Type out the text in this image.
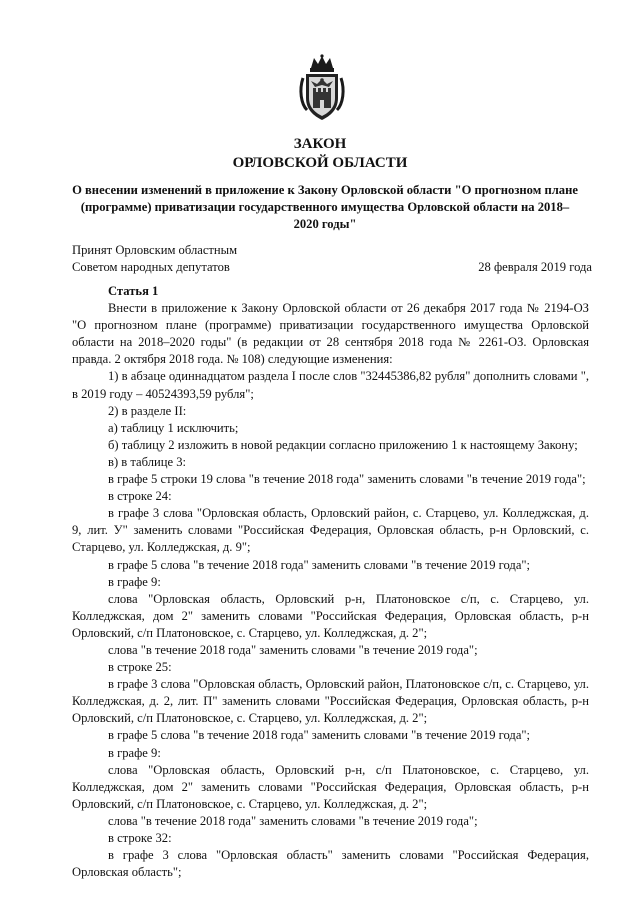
ЗАКОН
ОРЛОВСКОЙ ОБЛАСТИ
О внесении изменений в приложение к Закону Орловской области "О прогнозном плане (программе) приватизации государственного имущества Орловской области на 2018–2020 годы"
Принят Орловским областным
Советом народных депутатов	28 февраля 2019 года

Статья 1

Внести в приложение к Закону Орловской области от 26 декабря 2017 года № 2194-ОЗ "О прогнозном плане (программе) приватизации государственного имущества Орловской области на 2018–2020 годы" (в редакции от 28 сентября 2018 года № 2261-ОЗ. Орловская правда. 2 октября 2018 года. № 108) следующие изменения:

1) в абзаце одиннадцатом раздела I после слов "32445386,82 рубля" дополнить словами ", в 2019 году – 40524393,59 рубля";

2) в разделе II:

а) таблицу 1 исключить;

б) таблицу 2 изложить в новой редакции согласно приложению 1 к настоящему Закону;

в) в таблице 3:

в графе 5 строки 19 слова "в течение 2018 года" заменить словами "в течение 2019 года";

в строке 24:

в графе 3 слова "Орловская область, Орловский район, с. Старцево, ул. Колледжская, д. 9, лит. У" заменить словами "Российская Федерация, Орловская область, р-н Орловский, с. Старцево, ул. Колледжская, д. 9";

в графе 5 слова "в течение 2018 года" заменить словами "в течение 2019 года";

в графе 9:

слова "Орловская область, Орловский р-н, Платоновское с/п, с. Старцево, ул. Колледжская, дом 2" заменить словами "Российская Федерация, Орловская область, р-н Орловский, с/п Платоновское, с. Старцево, ул. Колледжская, д. 2";

слова "в течение 2018 года" заменить словами "в течение 2019 года";

в строке 25:

в графе 3 слова "Орловская область, Орловский район, Платоновское с/п, с. Старцево, ул. Колледжская, д. 2, лит. П" заменить словами "Российская Федерация, Орловская область, р-н Орловский, с/п Платоновское, с. Старцево, ул. Колледжская, д. 2";

в графе 5 слова "в течение 2018 года" заменить словами "в течение 2019 года";

в графе 9:

слова "Орловская область, Орловский р-н, с/п Платоновское, с. Старцево, ул. Колледжская, дом 2" заменить словами "Российская Федерация, Орловская область, р-н Орловский, с/п Платоновское, с. Старцево, ул. Колледжская, д. 2";

слова "в течение 2018 года" заменить словами "в течение 2019 года";

в строке 32:

в графе 3 слова "Орловская область" заменить словами "Российская Федерация, Орловская область";
